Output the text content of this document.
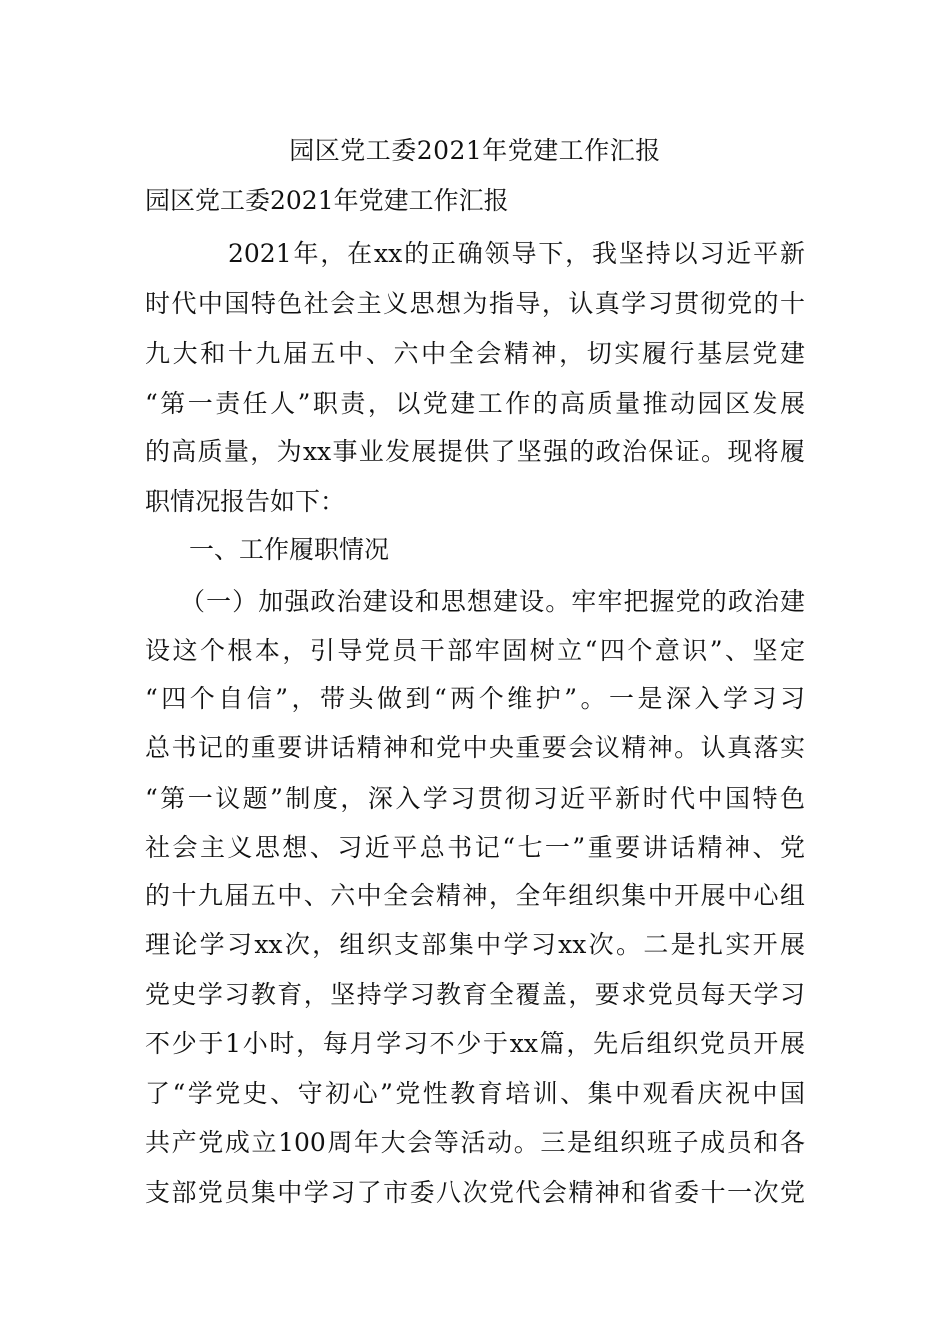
园区党工委2021年党建工作汇报
园区党工委2021年党建工作汇报
2021年，在xx的正确领导下，我坚持以习近平新
时代中国特色社会主义思想为指导，认真学习贯彻党的十
九大和十九届五中、六中全会精神，切实履行基层党建
“第一责任人”职责，以党建工作的高质量推动园区发展
的高质量，为xx事业发展提供了坚强的政治保证。现将履
职情况报告如下：
一、工作履职情况
（一）加强政治建设和思想建设。牢牢把握党的政治建
设这个根本，引导党员干部牢固树立“四个意识”、坚定
“四个自信”，带头做到“两个维护”。一是深入学习习
总书记的重要讲话精神和党中央重要会议精神。认真落实
“第一议题”制度，深入学习贯彻习近平新时代中国特色
社会主义思想、习近平总书记“七一”重要讲话精神、党
的十九届五中、六中全会精神，全年组织集中开展中心组
理论学习xx次，组织支部集中学习xx次。二是扎实开展
党史学习教育，坚持学习教育全覆盖，要求党员每天学习
不少于1小时，每月学习不少于xx篇，先后组织党员开展
了“学党史、守初心”党性教育培训、集中观看庆祝中国
共产党成立100周年大会等活动。三是组织班子成员和各
支部党员集中学习了市委八次党代会精神和省委十一次党
